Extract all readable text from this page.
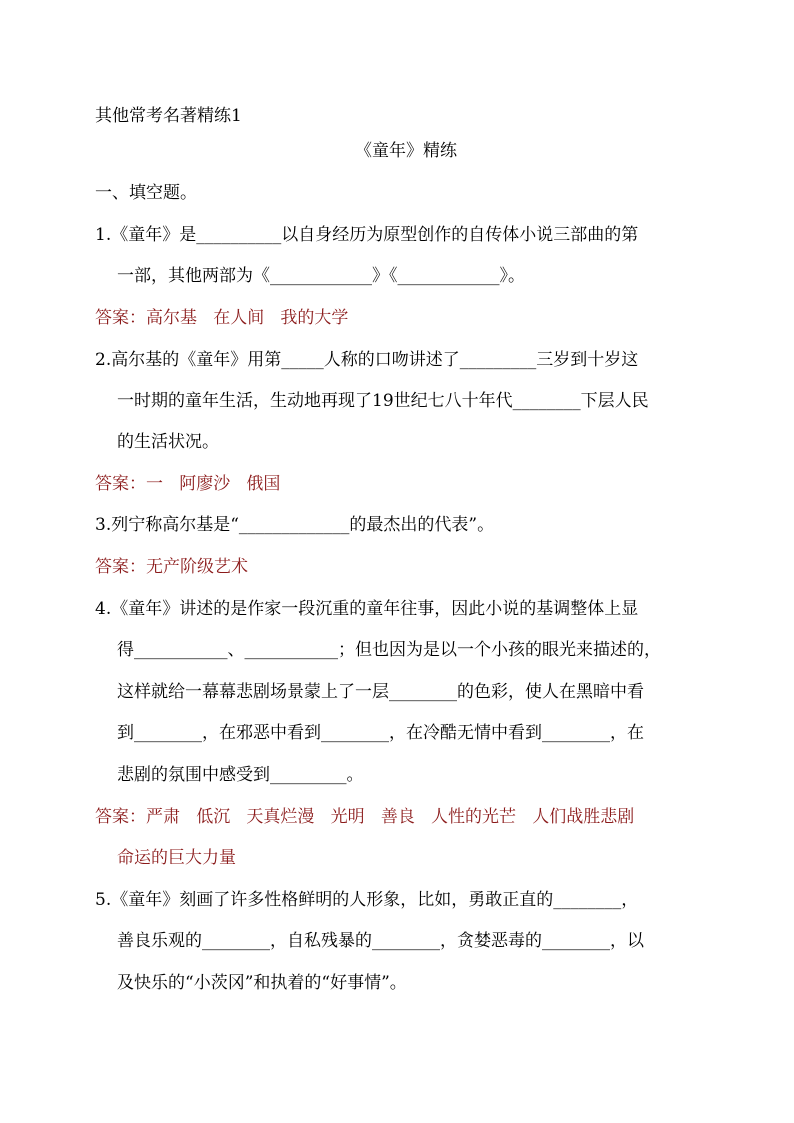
其他常考名著精练1

《童年》精练

一、填空题。

1.《童年》是__________以自身经历为原型创作的自传体小说三部曲的第

一部，其他两部为《____________》《____________》。

答案：高尔基   在人间   我的大学

2.高尔基的《童年》用第_____人称的口吻讲述了_________三岁到十岁这

一时期的童年生活，生动地再现了19世纪七八十年代________下层人民

的生活状况。

答案：一   阿廖沙   俄国

3.列宁称高尔基是“_____________的最杰出的代表”。

答案：无产阶级艺术

4.《童年》讲述的是作家一段沉重的童年往事，因此小说的基调整体上显

得___________、___________；但也因为是以一个小孩的眼光来描述的，

这样就给一幕幕悲剧场景蒙上了一层________的色彩，使人在黑暗中看

到________，在邪恶中看到________，在冷酷无情中看到________，在

悲剧的氛围中感受到_________。

答案：严肃   低沉   天真烂漫   光明   善良   人性的光芒   人们战胜悲剧

命运的巨大力量

5.《童年》刻画了许多性格鲜明的人形象，比如，勇敢正直的________，

善良乐观的________，自私残暴的________，贪婪恶毒的________，以

及快乐的“小茨冈”和执着的“好事情”。
